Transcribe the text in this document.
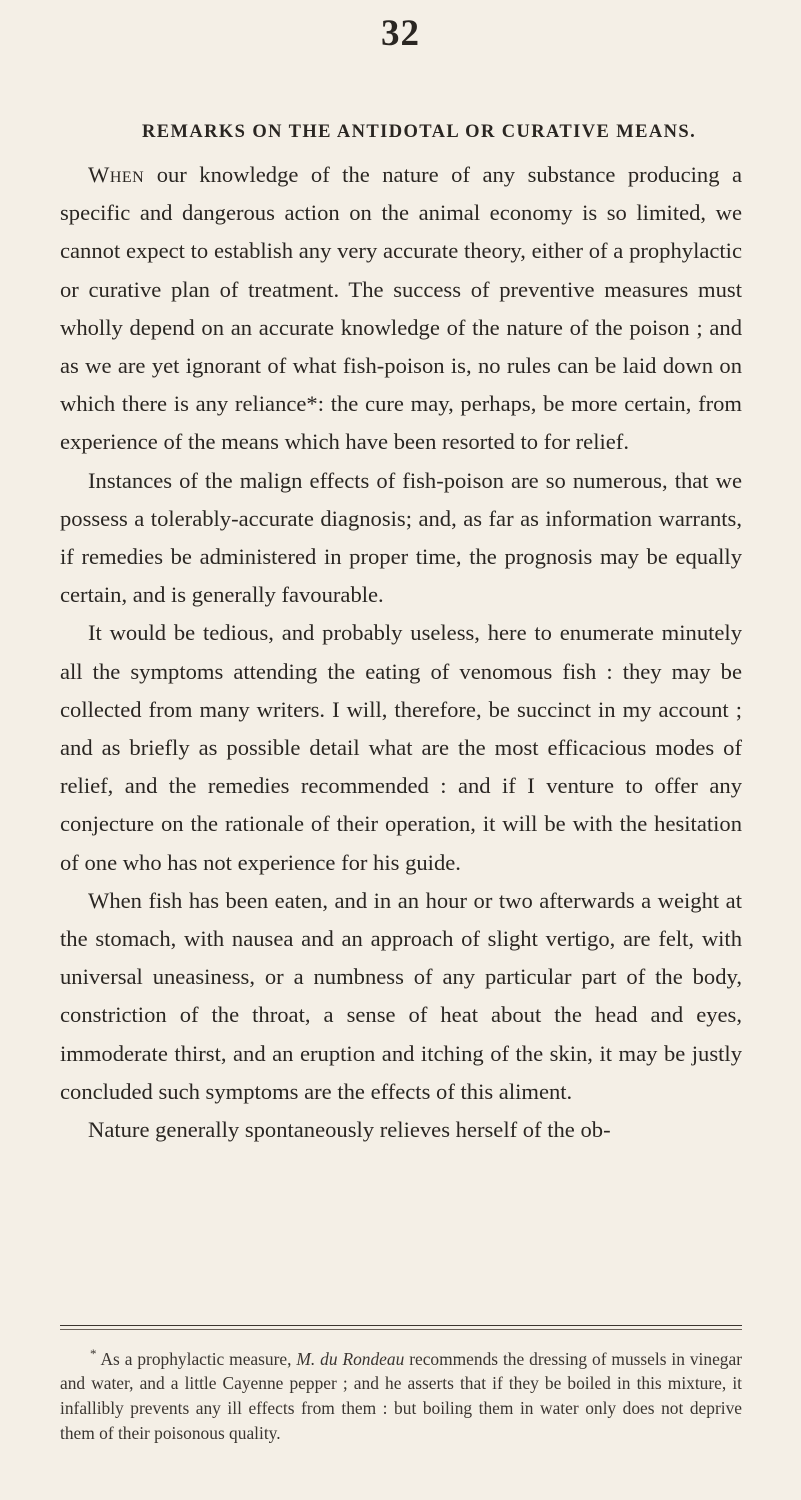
32
REMARKS ON THE ANTIDOTAL OR CURATIVE MEANS.

When our knowledge of the nature of any substance producing a specific and dangerous action on the animal economy is so limited, we cannot expect to establish any very accurate theory, either of a prophylactic or curative plan of treatment. The success of preventive measures must wholly depend on an accurate knowledge of the nature of the poison ; and as we are yet ignorant of what fish-poison is, no rules can be laid down on which there is any reliance*: the cure may, perhaps, be more certain, from experience of the means which have been resorted to for relief.

Instances of the malign effects of fish-poison are so numerous, that we possess a tolerably-accurate diagnosis; and, as far as information warrants, if remedies be administered in proper time, the prognosis may be equally certain, and is generally favourable.

It would be tedious, and probably useless, here to enumerate minutely all the symptoms attending the eating of venomous fish : they may be collected from many writers. I will, therefore, be succinct in my account ; and as briefly as possible detail what are the most efficacious modes of relief, and the remedies recommended : and if I venture to offer any conjecture on the rationale of their operation, it will be with the hesitation of one who has not experience for his guide.

When fish has been eaten, and in an hour or two afterwards a weight at the stomach, with nausea and an approach of slight vertigo, are felt, with universal uneasiness, or a numbness of any particular part of the body, constriction of the throat, a sense of heat about the head and eyes, immoderate thirst, and an eruption and itching of the skin, it may be justly concluded such symptoms are the effects of this aliment.

Nature generally spontaneously relieves herself of the ob-

* As a prophylactic measure, M. du Rondeau recommends the dressing of mussels in vinegar and water, and a little Cayenne pepper ; and he asserts that if they be boiled in this mixture, it infallibly prevents any ill effects from them : but boiling them in water only does not deprive them of their poisonous quality.
